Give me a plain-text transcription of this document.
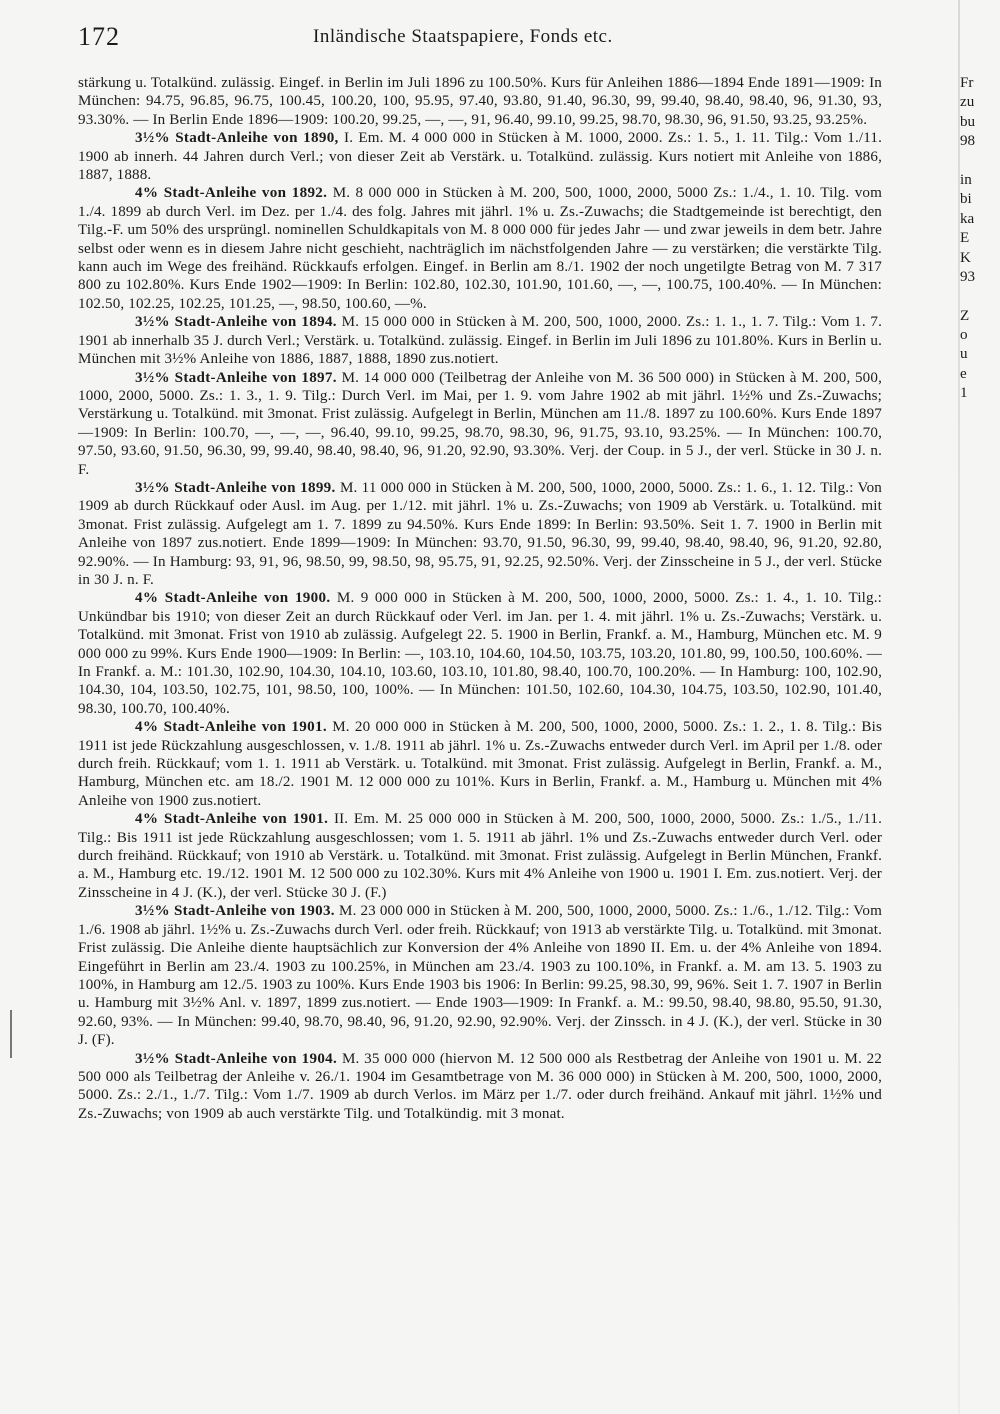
172	Inländische Staatspapiere, Fonds etc.

stärkung u. Totalkünd. zulässig. Eingef. in Berlin im Juli 1896 zu 100.50%. Kurs für Anleihen 1886—1894 Ende 1891—1909: In München: 94.75, 96.85, 96.75, 100.45, 100.20, 100, 95.95, 97.40, 93.80, 91.40, 96.30, 99, 99.40, 98.40, 98.40, 96, 91.30, 93, 93.30%. — In Berlin Ende 1896—1909: 100.20, 99.25, —, —, 91, 96.40, 99.10, 99.25, 98.70, 98.30, 96, 91.50, 93.25, 93.25%.

3½% Stadt-Anleihe von 1890, I. Em. M. 4 000 000 in Stücken à M. 1000, 2000. Zs.: 1. 5., 1. 11. Tilg.: Vom 1./11. 1900 ab innerh. 44 Jahren durch Verl.; von dieser Zeit ab Verstärk. u. Totalkünd. zulässig. Kurs notiert mit Anleihe von 1886, 1887, 1888.

4% Stadt-Anleihe von 1892. M. 8 000 000 in Stücken à M. 200, 500, 1000, 2000, 5000 Zs.: 1./4., 1. 10. Tilg. vom 1./4. 1899 ab durch Verl. im Dez. per 1./4. des folg. Jahres mit jährl. 1% u. Zs.-Zuwachs; die Stadtgemeinde ist berechtigt, den Tilg.-F. um 50% des ursprüngl. nominellen Schuldkapitals von M. 8 000 000 für jedes Jahr — und zwar jeweils in dem betr. Jahre selbst oder wenn es in diesem Jahre nicht geschieht, nachträglich im nächstfolgenden Jahre — zu verstärken; die verstärkte Tilg. kann auch im Wege des freihänd. Rückkaufs erfolgen. Eingef. in Berlin am 8./1. 1902 der noch ungetilgte Betrag von M. 7 317 800 zu 102.80%. Kurs Ende 1902—1909: In Berlin: 102.80, 102.30, 101.90, 101.60, —, —, 100.75, 100.40%. — In München: 102.50, 102.25, 102.25, 101.25, —, 98.50, 100.60, —%.

3½% Stadt-Anleihe von 1894. M. 15 000 000 in Stücken à M. 200, 500, 1000, 2000. Zs.: 1. 1., 1. 7. Tilg.: Vom 1. 7. 1901 ab innerhalb 35 J. durch Verl.; Verstärk. u. Totalkünd. zulässig. Eingef. in Berlin im Juli 1896 zu 101.80%. Kurs in Berlin u. München mit 3½% Anleihe von 1886, 1887, 1888, 1890 zus.notiert.

3½% Stadt-Anleihe von 1897. M. 14 000 000 (Teilbetrag der Anleihe von M. 36 500 000) in Stücken à M. 200, 500, 1000, 2000, 5000. Zs.: 1. 3., 1. 9. Tilg.: Durch Verl. im Mai, per 1. 9. vom Jahre 1902 ab mit jährl. 1½% und Zs.-Zuwachs; Verstärkung u. Totalkünd. mit 3monat. Frist zulässig. Aufgelegt in Berlin, München am 11./8. 1897 zu 100.60%. Kurs Ende 1897—1909: In Berlin: 100.70, —, —, —, 96.40, 99.10, 99.25, 98.70, 98.30, 96, 91.75, 93.10, 93.25%. — In München: 100.70, 97.50, 93.60, 91.50, 96.30, 99, 99.40, 98.40, 98.40, 96, 91.20, 92.90, 93.30%. Verj. der Coup. in 5 J., der verl. Stücke in 30 J. n. F.

3½% Stadt-Anleihe von 1899. M. 11 000 000 in Stücken à M. 200, 500, 1000, 2000, 5000. Zs.: 1. 6., 1. 12. Tilg.: Von 1909 ab durch Rückkauf oder Ausl. im Aug. per 1./12. mit jährl. 1% u. Zs.-Zuwachs; von 1909 ab Verstärk. u. Totalkünd. mit 3monat. Frist zulässig. Aufgelegt am 1. 7. 1899 zu 94.50%. Kurs Ende 1899: In Berlin: 93.50%. Seit 1. 7. 1900 in Berlin mit Anleihe von 1897 zus.notiert. Ende 1899—1909: In München: 93.70, 91.50, 96.30, 99, 99.40, 98.40, 98.40, 96, 91.20, 92.80, 92.90%. — In Hamburg: 93, 91, 96, 98.50, 99, 98.50, 98, 95.75, 91, 92.25, 92.50%. Verj. der Zinsscheine in 5 J., der verl. Stücke in 30 J. n. F.

4% Stadt-Anleihe von 1900. M. 9 000 000 in Stücken à M. 200, 500, 1000, 2000, 5000. Zs.: 1. 4., 1. 10. Tilg.: Unkündbar bis 1910; von dieser Zeit an durch Rückkauf oder Verl. im Jan. per 1. 4. mit jährl. 1% u. Zs.-Zuwachs; Verstärk. u. Totalkünd. mit 3monat. Frist von 1910 ab zulässig. Aufgelegt 22. 5. 1900 in Berlin, Frankf. a. M., Hamburg, München etc. M. 9 000 000 zu 99%. Kurs Ende 1900—1909: In Berlin: —, 103.10, 104.60, 104.50, 103.75, 103.20, 101.80, 99, 100.50, 100.60%. — In Frankf. a. M.: 101.30, 102.90, 104.30, 104.10, 103.60, 103.10, 101.80, 98.40, 100.70, 100.20%. — In Hamburg: 100, 102.90, 104.30, 104, 103.50, 102.75, 101, 98.50, 100, 100%. — In München: 101.50, 102.60, 104.30, 104.75, 103.50, 102.90, 101.40, 98.30, 100.70, 100.40%.

4% Stadt-Anleihe von 1901. M. 20 000 000 in Stücken à M. 200, 500, 1000, 2000, 5000. Zs.: 1. 2., 1. 8. Tilg.: Bis 1911 ist jede Rückzahlung ausgeschlossen, v. 1./8. 1911 ab jährl. 1% u. Zs.-Zuwachs entweder durch Verl. im April per 1./8. oder durch freih. Rückkauf; vom 1. 1. 1911 ab Verstärk. u. Totalkünd. mit 3monat. Frist zulässig. Aufgelegt in Berlin, Frankf. a. M., Hamburg, München etc. am 18./2. 1901 M. 12 000 000 zu 101%. Kurs in Berlin, Frankf. a. M., Hamburg u. München mit 4% Anleihe von 1900 zus.notiert.

4% Stadt-Anleihe von 1901. II. Em. M. 25 000 000 in Stücken à M. 200, 500, 1000, 2000, 5000. Zs.: 1./5., 1./11. Tilg.: Bis 1911 ist jede Rückzahlung ausgeschlossen; vom 1. 5. 1911 ab jährl. 1% und Zs.-Zuwachs entweder durch Verl. oder durch freihänd. Rückkauf; von 1910 ab Verstärk. u. Totalkünd. mit 3monat. Frist zulässig. Aufgelegt in Berlin München, Frankf. a. M., Hamburg etc. 19./12. 1901 M. 12 500 000 zu 102.30%. Kurs mit 4% Anleihe von 1900 u. 1901 I. Em. zus.notiert. Verj. der Zinsscheine in 4 J. (K.), der verl. Stücke 30 J. (F.)

3½% Stadt-Anleihe von 1903. M. 23 000 000 in Stücken à M. 200, 500, 1000, 2000, 5000. Zs.: 1./6., 1./12. Tilg.: Vom 1./6. 1908 ab jährl. 1½% u. Zs.-Zuwachs durch Verl. oder freih. Rückkauf; von 1913 ab verstärkte Tilg. u. Totalkünd. mit 3monat. Frist zulässig. Die Anleihe diente hauptsächlich zur Konversion der 4% Anleihe von 1890 II. Em. u. der 4% Anleihe von 1894. Eingeführt in Berlin am 23./4. 1903 zu 100.25%, in München am 23./4. 1903 zu 100.10%, in Frankf. a. M. am 13. 5. 1903 zu 100%, in Hamburg am 12./5. 1903 zu 100%. Kurs Ende 1903 bis 1906: In Berlin: 99.25, 98.30, 99, 96%. Seit 1. 7. 1907 in Berlin u. Hamburg mit 3½% Anl. v. 1897, 1899 zus.notiert. — Ende 1903—1909: In Frankf. a. M.: 99.50, 98.40, 98.80, 95.50, 91.30, 92.60, 93%. — In München: 99.40, 98.70, 98.40, 96, 91.20, 92.90, 92.90%. Verj. der Zinssch. in 4 J. (K.), der verl. Stücke in 30 J. (F).

3½% Stadt-Anleihe von 1904. M. 35 000 000 (hiervon M. 12 500 000 als Restbetrag der Anleihe von 1901 u. M. 22 500 000 als Teilbetrag der Anleihe v. 26./1. 1904 im Gesamtbetrage von M. 36 000 000) in Stücken à M. 200, 500, 1000, 2000, 5000. Zs.: 2./1., 1./7. Tilg.: Vom 1./7. 1909 ab durch Verlos. im März per 1./7. oder durch freihänd. Ankauf mit jährl. 1½% und Zs.-Zuwachs; von 1909 ab auch verstärkte Tilg. und Totalkündig. mit 3 monat.

Fr
zu
bu
98
in
bi
ka
E
K
93
Z
o
u
e
1
